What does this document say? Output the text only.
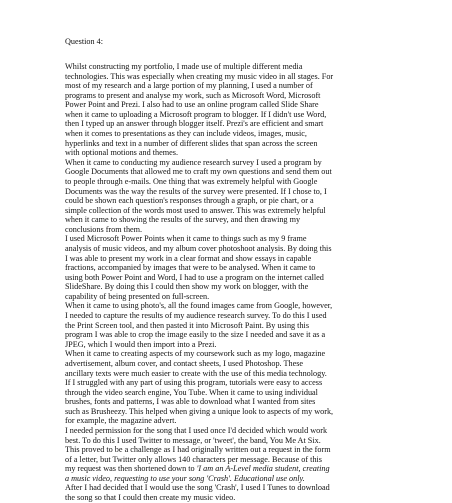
Question 4:

Whilst constructing my portfolio, I made use of multiple different media
technologies. This was especially when creating my music video in all stages. For
most of my research and a large portion of my planning, I used a number of
programs to present and analyse my work, such as Microsoft Word, Microsoft
Power Point and Prezi. I also had to use an online program called Slide Share
when it came to uploading a Microsoft program to blogger. If I didn't use Word,
then I typed up an answer through blogger itself. Prezi's are efficient and smart
when it comes to presentations as they can include videos, images, music,
hyperlinks and text in a number of different slides that span across the screen
with optional motions and themes.
When it came to conducting my audience research survey I used a program by
Google Documents that allowed me to craft my own questions and send them out
to people through e-mails. One thing that was extremely helpful with Google
Documents was the way the results of the survey were presented. If I chose to, I
could be shown each question's responses through a graph, or pie chart, or a
simple collection of the words most used to answer. This was extremely helpful
when it came to showing the results of the survey, and then drawing my
conclusions from them.
I used Microsoft Power Points when it came to things such as my 9 frame
analysis of music videos, and my album cover photoshoot analysis. By doing this
I was able to present my work in a clear format and show essays in capable
fractions, accompanied by images that were to be analysed. When it came to
using both Power Point and Word, I had to use a program on the internet called
SlideShare. By doing this I could then show my work on blogger, with the
capability of being presented on full-screen.
When it came to using photo's, all the found images came from Google, however,
I needed to capture the results of my audience research survey. To do this I used
the Print Screen tool, and then pasted it into Microsoft Paint. By using this
program I was able to crop the image easily to the size I needed and save it as a
JPEG, which I would then import into a Prezi.
When it came to creating aspects of my coursework such as my logo, magazine
advertisement, album cover, and contact sheets, I used Photoshop. These
ancillary texts were much easier to create with the use of this media technology.
If I struggled with any part of using this program, tutorials were easy to access
through the video search engine, You Tube. When it came to using individual
brushes, fonts and patterns, I was able to download what I wanted from sites
such as Brusheezy. This helped when giving a unique look to aspects of my work,
for example, the magazine advert.
I needed permission for the song that I used once I'd decided which would work
best. To do this I used Twitter to message, or 'tweet', the band, You Me At Six.
This proved to be a challenge as I had originally written out a request in the form
of a letter, but Twitter only allows 140 characters per message. Because of this
my request was then shortened down to 'I am an A-Level media student, creating
a music video, requesting to use your song 'Crash'. Educational use only.
After I had decided that I would use the song 'Crash', I used I Tunes to download
the song so that I could then create my music video.
